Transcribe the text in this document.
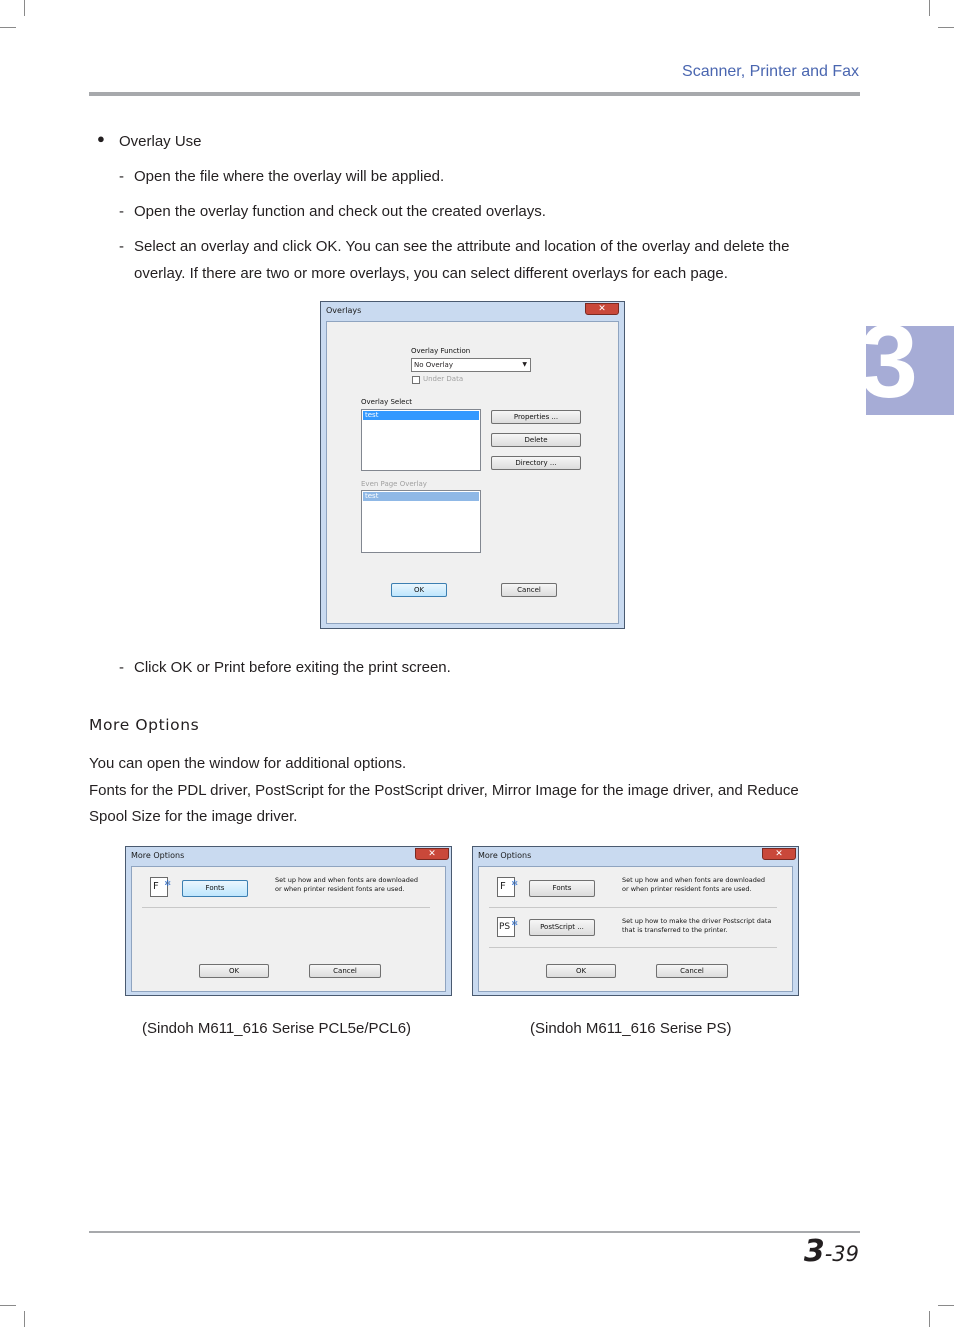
Scanner, Printer and Fax
3
● Overlay Use
- Open the file where the overlay will be applied.
- Open the overlay function and check out the created overlays.
- Select an overlay and click OK. You can see the attribute and location of the overlay and delete the
overlay. If there are two or more overlays, you can select different overlays for each page.
Overlays	✕
Overlay Function
No Overlay	▼
Under Data
Overlay Select
test	Properties ...
Delete
Directory ...
Even Page Overlay
test
OK	Cancel
- Click OK or Print before exiting the print screen.
More Options
You can open the window for additional options.
Fonts for the PDL driver, PostScript for the PostScript driver, Mirror Image for the image driver, and Reduce
Spool Size for the image driver.
More Options	✕
F ✲	Fonts
Set up how and when fonts are downloaded or when printer resident fonts are used.
OK	Cancel
More Options	✕
F ✲	Fonts
Set up how and when fonts are downloaded or when printer resident fonts are used.
PS ✲	PostScript ...
Set up how to make the driver Postscript data that is transferred to the printer.
OK	Cancel
(Sindoh M611_616 Serise PCL5e/PCL6)	(Sindoh M611_616 Serise PS)
3-39
